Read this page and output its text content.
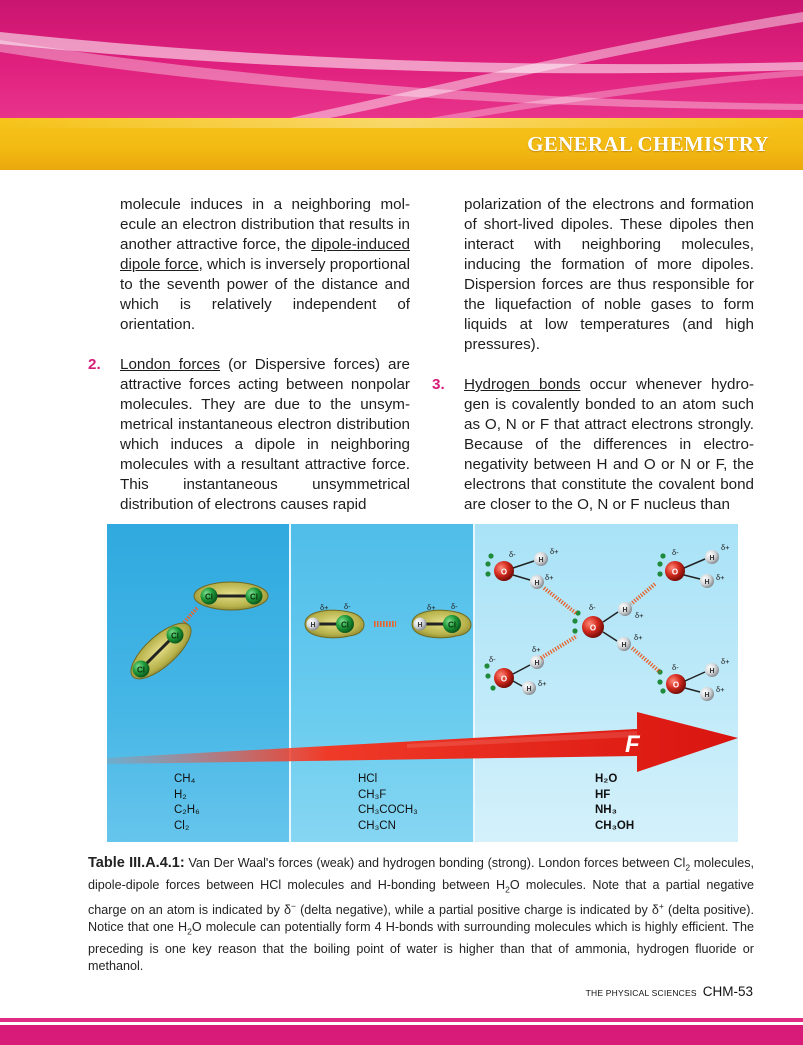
GENERAL CHEMISTRY

molecule induces in a neighboring molecule an electron distribution that results in another attractive force, the dipole-induced dipole force, which is inversely proportional to the seventh power of the distance and which is relatively independent of orientation.

2. London forces (or Dispersive forces) are attractive forces acting between nonpolar molecules. They are due to the unsymmetrical instantaneous electron distribution which induces a dipole in neighboring molecules with a resultant attractive force. This instantaneous unsymmetrical distribution of electrons causes rapid

polarization of the electrons and formation of short-lived dipoles. These dipoles then interact with neighboring molecules, inducing the formation of more dipoles. Dispersion forces are thus responsible for the liquefaction of noble gases to form liquids at low temperatures (and high pressures).

3. Hydrogen bonds occur whenever hydrogen is covalently bonded to an atom such as O, N or F that attract electrons strongly. Because of the differences in electronegativity between H and O or N or F, the electrons that constitute the covalent bond are closer to the O, N or F nucleus than

Cl	Cl
Cl
Cl
H	Cl
δ+ δ-
H	Cl
δ+ δ-
O
H
H
δ-	δ+
δ+
O
H
H
δ-
δ+
δ+
O
H
H
δ-
δ+
δ+
O
H
H
δ-
δ+
δ+	O
H
H
δ-
δ+
δ+
F
CH₄
H₂
C₂H₆
Cl₂
HCl
CH₃F
CH₃COCH₃
CH₃CN
H₂O
HF
NH₃
CH₃OH
Table III.A.4.1: Van Der Waal's forces (weak) and hydrogen bonding (strong). London forces between $Cl_2$ molecules, dipole-dipole forces between HCl molecules and H-bonding between $H_2O$ molecules. Note that a partial negative charge on an atom is indicated by δ− (delta negative), while a partial positive charge is indicated by δ+ (delta positive). Notice that one $H_2O$ molecule can potentially form 4 H-bonds with surrounding molecules which is highly efficient. The preceding is one key reason that the boiling point of water is higher than that of ammonia, hydrogen fluoride or methanol.
THE PHYSICAL SCIENCES CHM-53
